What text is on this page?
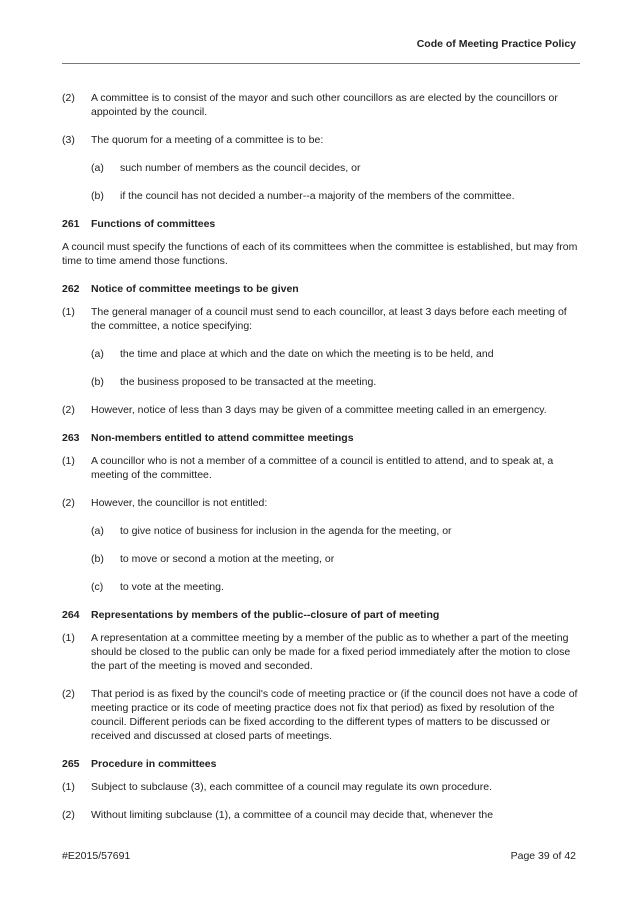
Code of Meeting Practice Policy
(2) A committee is to consist of the mayor and such other councillors as are elected by the councillors or appointed by the council.
(3) The quorum for a meeting of a committee is to be:
(a) such number of members as the council decides, or
(b) if the council has not decided a number--a majority of the members of the committee.
261 Functions of committees
A council must specify the functions of each of its committees when the committee is established, but may from time to time amend those functions.
262 Notice of committee meetings to be given
(1) The general manager of a council must send to each councillor, at least 3 days before each meeting of the committee, a notice specifying:
(a) the time and place at which and the date on which the meeting is to be held, and
(b) the business proposed to be transacted at the meeting.
(2) However, notice of less than 3 days may be given of a committee meeting called in an emergency.
263 Non-members entitled to attend committee meetings
(1) A councillor who is not a member of a committee of a council is entitled to attend, and to speak at, a meeting of the committee.
(2) However, the councillor is not entitled:
(a) to give notice of business for inclusion in the agenda for the meeting, or
(b) to move or second a motion at the meeting, or
(c) to vote at the meeting.
264 Representations by members of the public--closure of part of meeting
(1) A representation at a committee meeting by a member of the public as to whether a part of the meeting should be closed to the public can only be made for a fixed period immediately after the motion to close the part of the meeting is moved and seconded.
(2) That period is as fixed by the council's code of meeting practice or (if the council does not have a code of meeting practice or its code of meeting practice does not fix that period) as fixed by resolution of the council. Different periods can be fixed according to the different types of matters to be discussed or received and discussed at closed parts of meetings.
265 Procedure in committees
(1) Subject to subclause (3), each committee of a council may regulate its own procedure.
(2) Without limiting subclause (1), a committee of a council may decide that, whenever the
#E2015/57691	Page 39 of 42
